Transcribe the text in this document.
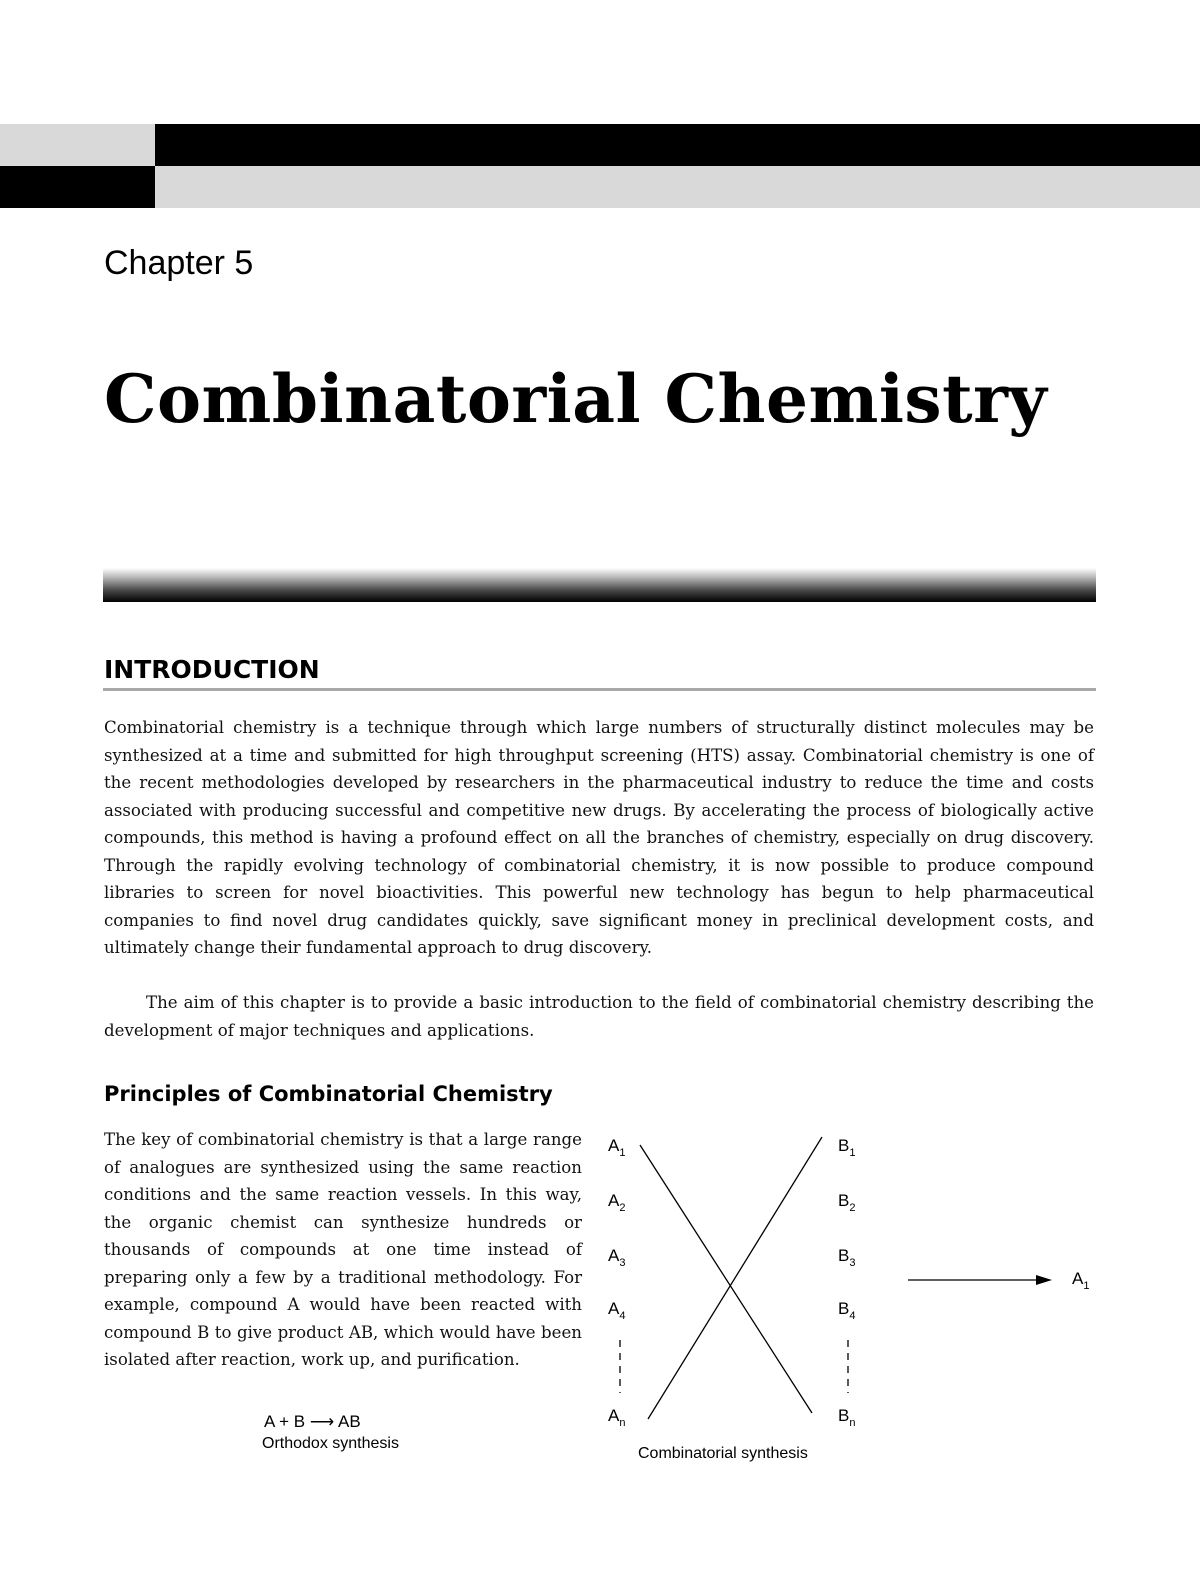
Chapter 5
Combinatorial Chemistry
INTRODUCTION

Combinatorial chemistry is a technique through which large numbers of structurally distinct molecules may be synthesized at a time and submitted for high throughput screening (HTS) assay. Combinatorial chemistry is one of the recent methodologies developed by researchers in the pharmaceutical industry to reduce the time and costs associated with producing successful and competitive new drugs. By accelerating the process of biologically active compounds, this method is having a profound effect on all the branches of chemistry, especially on drug discovery. Through the rapidly evolving technology of combinatorial chemistry, it is now possible to produce compound libraries to screen for novel bioactivities. This powerful new technology has begun to help pharmaceutical companies to find novel drug candidates quickly, save significant money in preclinical development costs, and ultimately change their fundamental approach to drug discovery.

The aim of this chapter is to provide a basic introduction to the field of combinatorial chemistry describing the development of major techniques and applications.

Principles of Combinatorial Chemistry

The key of combinatorial chemistry is that a large range of analogues are synthesized using the same reaction conditions and the same reaction vessels. In this way, the organic chemist can synthesize hundreds or thousands of compounds at one time instead of preparing only a few by a traditional methodology. For example, compound A would have been reacted with compound B to give product AB, which would have been isolated after reaction, work up, and purification.

A + B ⟶ AB
Orthodox synthesis
$A_1$
$A_2$
$A_3$
$A_4$
$A_n$
$B_1$
$B_2$
$B_3$
$B_4$
$B_n$
$A_1$
Combinatorial synthesis
